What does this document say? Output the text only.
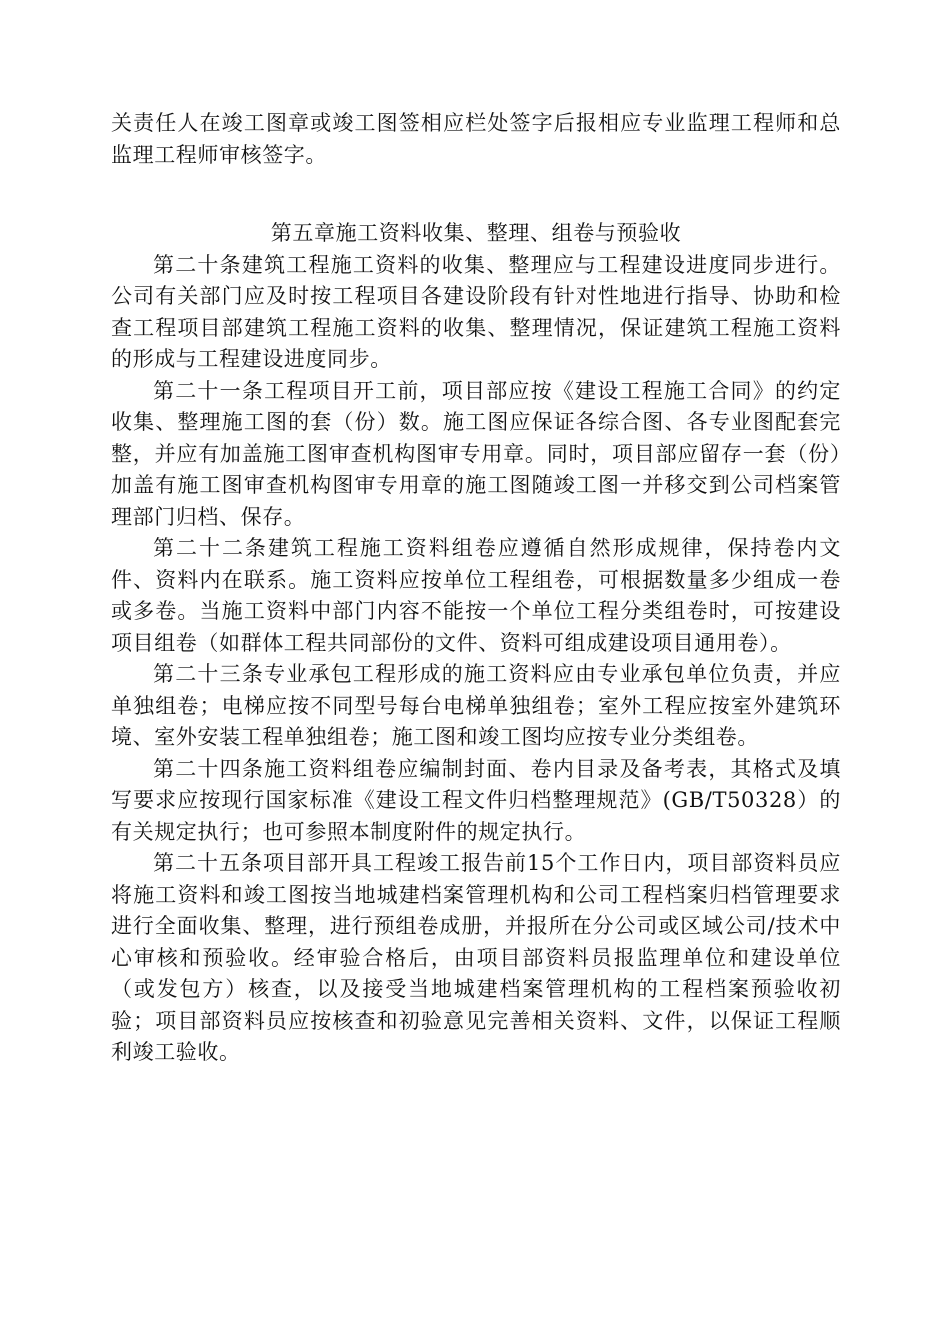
关责任人在竣工图章或竣工图签相应栏处签字后报相应专业监理工程师和总监理工程师审核签字。

第五章施工资料收集、整理、组卷与预验收

第二十条建筑工程施工资料的收集、整理应与工程建设进度同步进行。公司有关部门应及时按工程项目各建设阶段有针对性地进行指导、协助和检查工程项目部建筑工程施工资料的收集、整理情况，保证建筑工程施工资料的形成与工程建设进度同步。

第二十一条工程项目开工前，项目部应按《建设工程施工合同》的约定收集、整理施工图的套（份）数。施工图应保证各综合图、各专业图配套完整，并应有加盖施工图审查机构图审专用章。同时，项目部应留存一套（份）加盖有施工图审查机构图审专用章的施工图随竣工图一并移交到公司档案管理部门归档、保存。

第二十二条建筑工程施工资料组卷应遵循自然形成规律，保持卷内文件、资料内在联系。施工资料应按单位工程组卷，可根据数量多少组成一卷或多卷。当施工资料中部门内容不能按一个单位工程分类组卷时，可按建设项目组卷（如群体工程共同部份的文件、资料可组成建设项目通用卷）。

第二十三条专业承包工程形成的施工资料应由专业承包单位负责，并应单独组卷；电梯应按不同型号每台电梯单独组卷；室外工程应按室外建筑环境、室外安装工程单独组卷；施工图和竣工图均应按专业分类组卷。

第二十四条施工资料组卷应编制封面、卷内目录及备考表，其格式及填写要求应按现行国家标准《建设工程文件归档整理规范》(GB/T50328）的有关规定执行；也可参照本制度附件的规定执行。

第二十五条项目部开具工程竣工报告前15个工作日内，项目部资料员应将施工资料和竣工图按当地城建档案管理机构和公司工程档案归档管理要求进行全面收集、整理，进行预组卷成册，并报所在分公司或区域公司/技术中心审核和预验收。经审验合格后，由项目部资料员报监理单位和建设单位（或发包方）核查，以及接受当地城建档案管理机构的工程档案预验收初验；项目部资料员应按核查和初验意见完善相关资料、文件，以保证工程顺利竣工验收。
